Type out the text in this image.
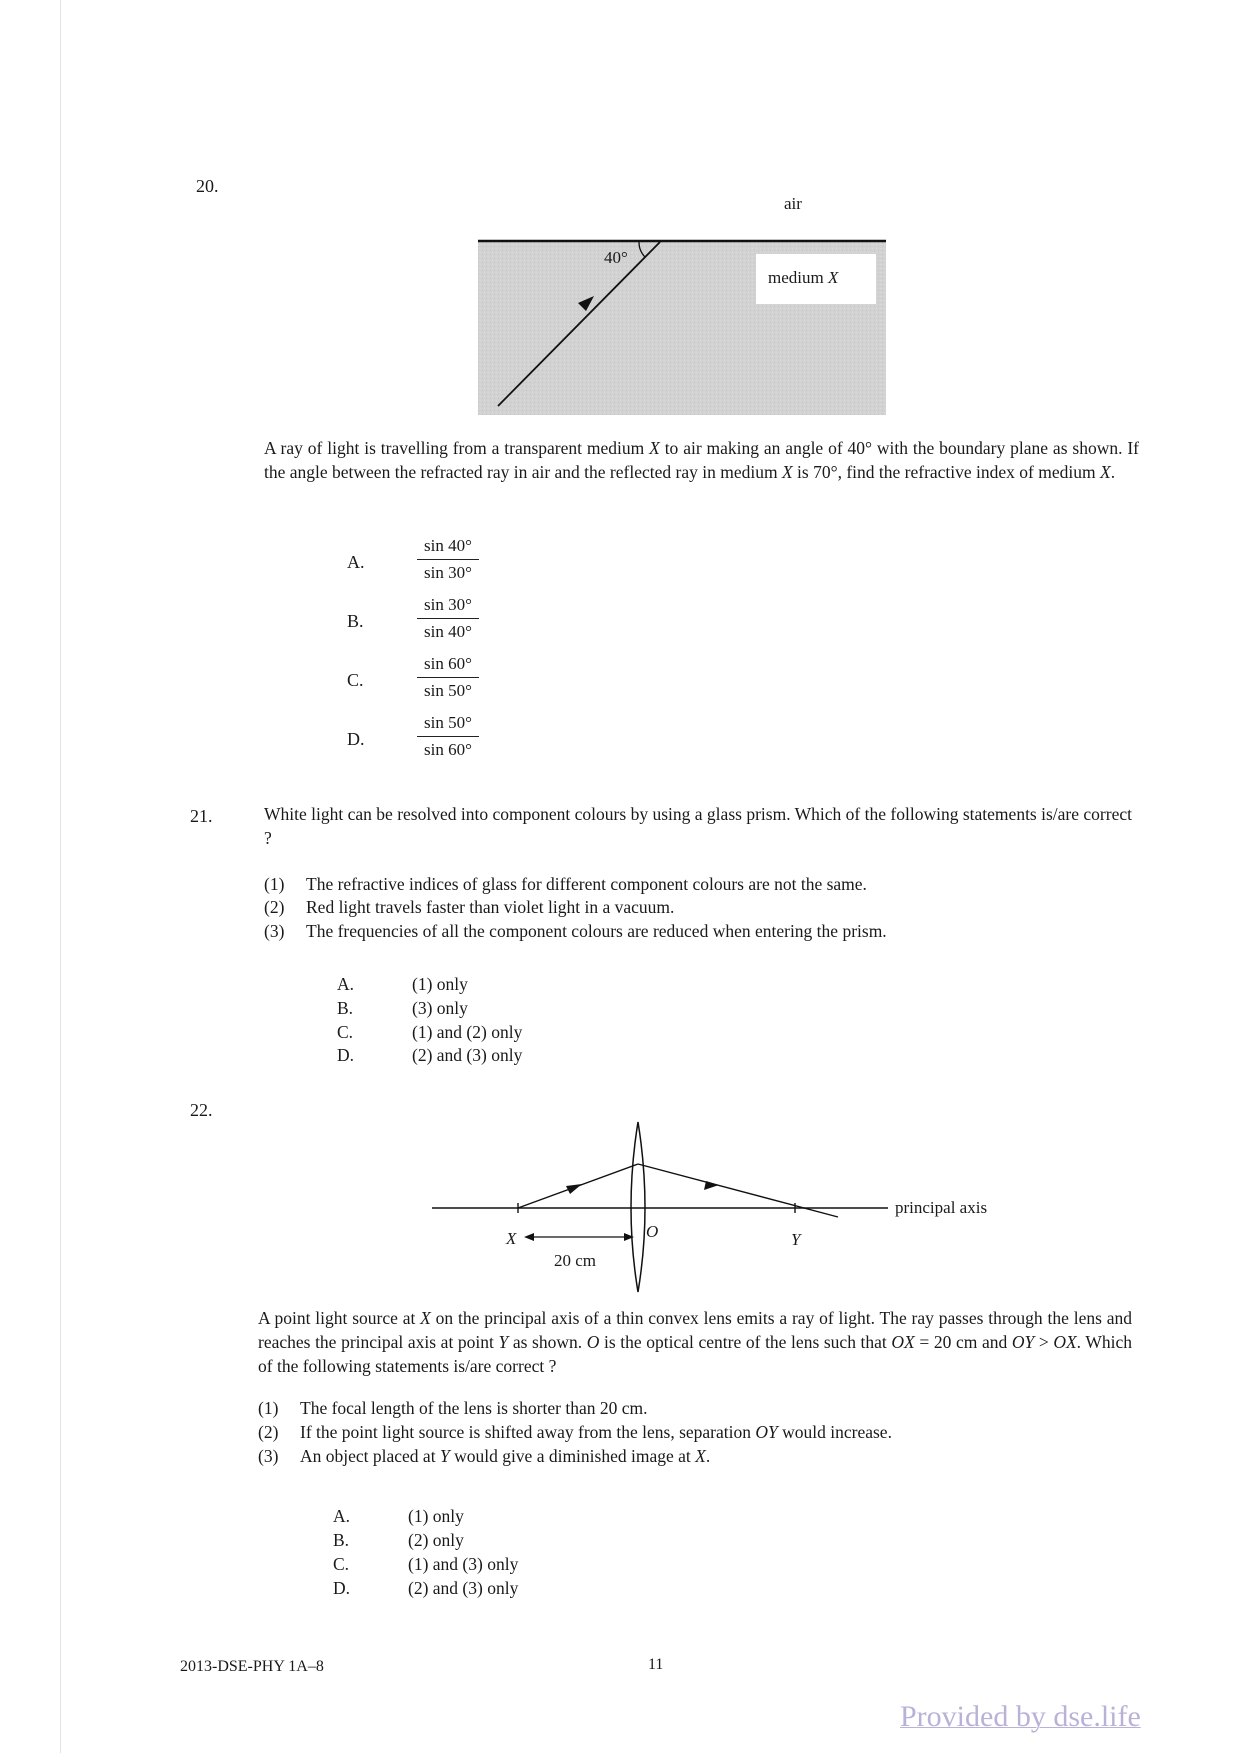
20.
air
40°
medium X
A ray of light is travelling from a transparent medium X to air making an angle of 40° with the boundary plane as shown. If the angle between the refracted ray in air and the reflected ray in medium X is 70°, find the refractive index of medium X.
A.	$\frac{\sin 40^\circ}{\sin 30^\circ}$
B.	$\frac{\sin 30^\circ}{\sin 40^\circ}$
C.	$\frac{\sin 60^\circ}{\sin 50^\circ}$
D.	$\frac{\sin 50^\circ}{\sin 60^\circ}$
21.	White light can be resolved into component colours by using a glass prism. Which of the following statements is/are correct ?
(1) The refractive indices of glass for different component colours are not the same.
(2) Red light travels faster than violet light in a vacuum.
(3) The frequencies of all the component colours are reduced when entering the prism.
A.	(1) only
B.	(3) only
C.	(1) and (2) only
D.	(2) and (3) only
22.
principal axis
X	O	Y
20 cm
A point light source at X on the principal axis of a thin convex lens emits a ray of light. The ray passes through the lens and reaches the principal axis at point Y as shown. O is the optical centre of the lens such that OX = 20 cm and OY > OX. Which of the following statements is/are correct ?
(1) The focal length of the lens is shorter than 20 cm.
(2) If the point light source is shifted away from the lens, separation OY would increase.
(3) An object placed at Y would give a diminished image at X.
A.	(1) only
B.	(2) only
C.	(1) and (3) only
D.	(2) and (3) only
2013-DSE-PHY 1A–8	11
Provided by dse.life
